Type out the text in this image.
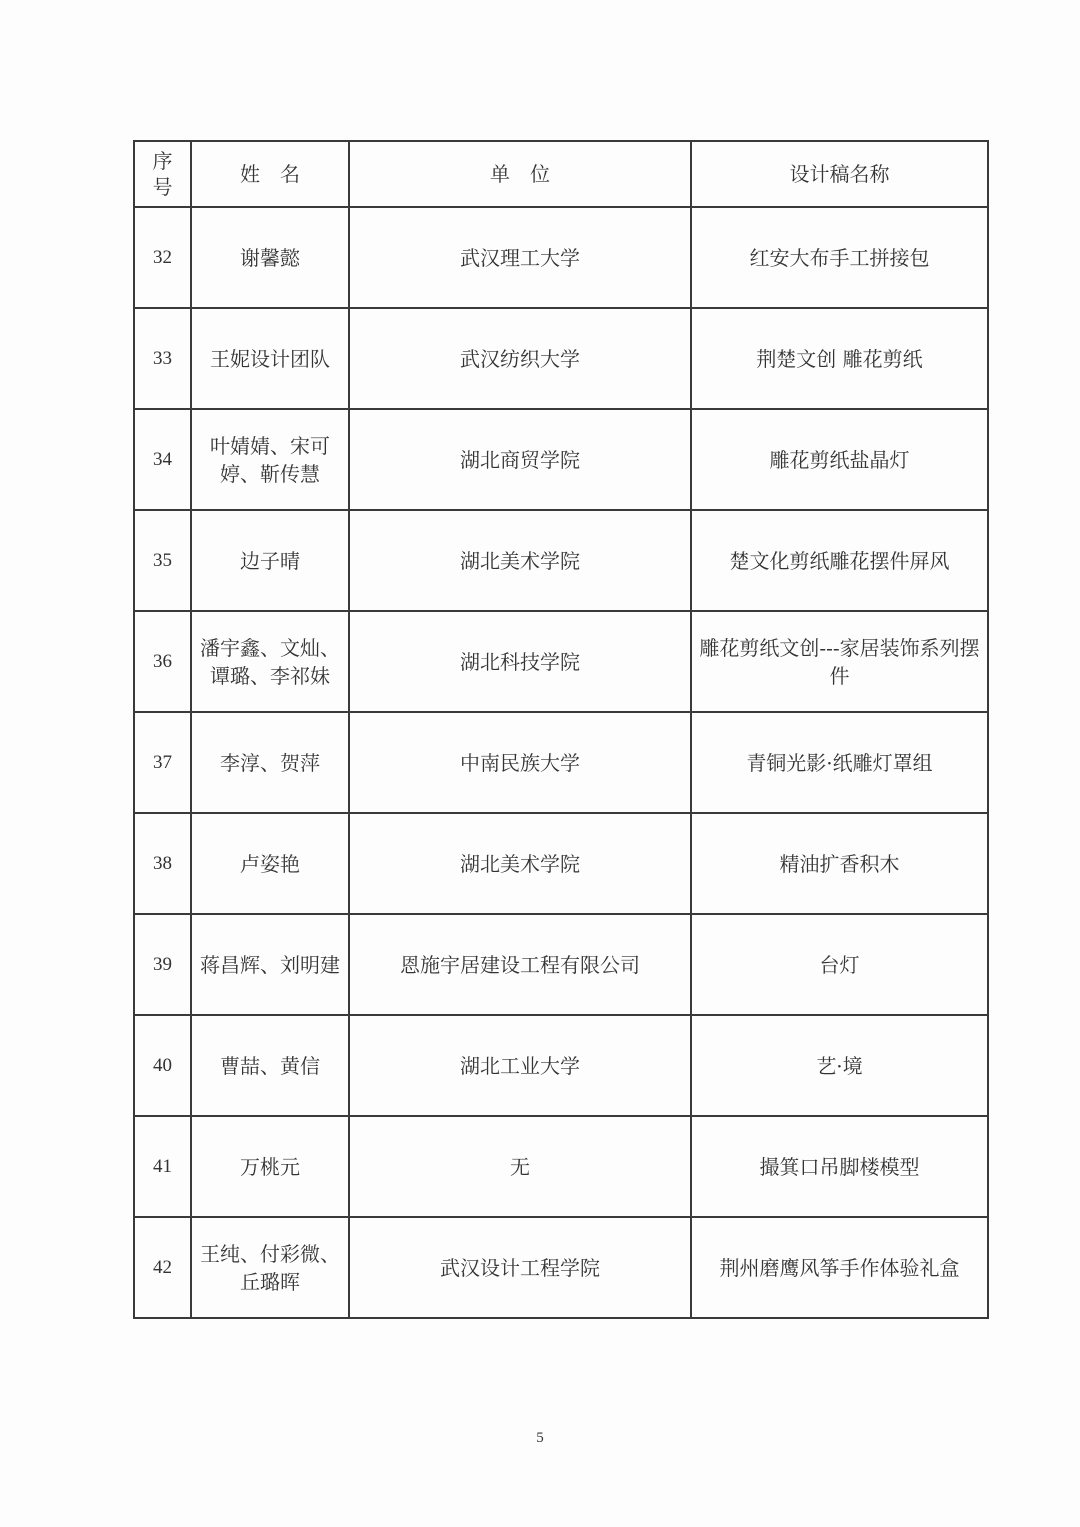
序号	姓　名	单　位	设计稿名称
32	谢馨懿	武汉理工大学	红安大布手工拼接包
33	王妮设计团队	武汉纺织大学	荆楚文创 雕花剪纸
34	叶婧婧、宋可婷、靳传慧	湖北商贸学院	雕花剪纸盐晶灯
35	边子晴	湖北美术学院	楚文化剪纸雕花摆件屏风
36	潘宇鑫、文灿、谭璐、李祁妹	湖北科技学院	雕花剪纸文创---家居装饰系列摆件
37	李淳、贺萍	中南民族大学	青铜光影·纸雕灯罩组
38	卢姿艳	湖北美术学院	精油扩香积木
39	蒋昌辉、刘明建	恩施宇居建设工程有限公司	台灯
40	曹喆、黄信	湖北工业大学	艺·境
41	万桃元	无	撮箕口吊脚楼模型
42	王纯、付彩微、丘璐晖	武汉设计工程学院	荆州磨鹰风筝手作体验礼盒
5
